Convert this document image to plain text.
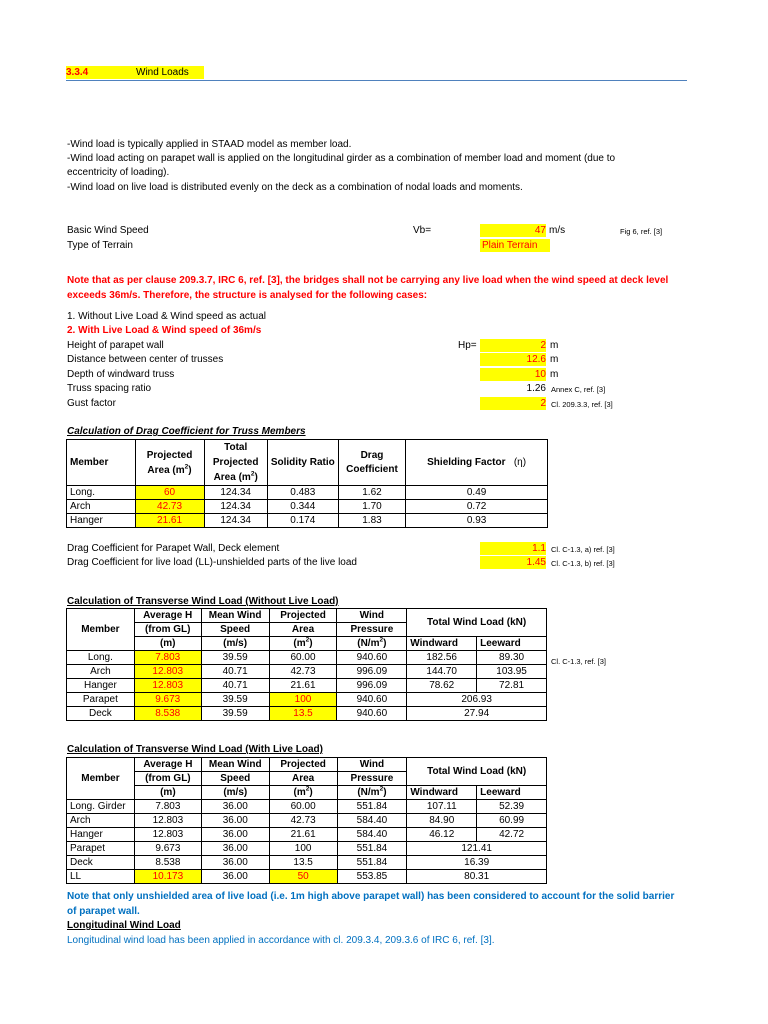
3.3.4	Wind Loads
-Wind load is typically applied in STAAD model as member load.
-Wind load acting on parapet wall is applied on the longitudinal girder as a combination of member load and moment (due to
eccentricity of loading).
-Wind load on live load is distributed evenly on the deck as a combination of nodal loads and moments.
Basic Wind Speed	Vb=	47 m/s	Fig 6, ref. [3]
Type of Terrain	Plain Terrain
Note that as per clause 209.3.7, IRC 6, ref. [3], the bridges shall not be carrying any live load when the wind speed at deck level
exceeds 36m/s. Therefore, the structure is analysed for the following cases:
1. Without Live Load & Wind speed as actual
2. With Live Load & Wind speed of 36m/s
Height of parapet wall	Hp=	2 m
Distance between center of trusses	12.6 m
Depth of windward truss	10 m
Truss spacing ratio	1.26 Annex C, ref. [3]
Gust factor	2 Cl. 209.3.3, ref. [3]
Calculation of Drag Coefficient for Truss Members
Member	Projected
Area $(m^2)$	Total
Projected
Area $(m^2)$	Solidity Ratio	Drag
Coefficient	Shielding Factor (η)
Long.	60	124.34	0.483	1.62	0.49
Arch	42.73	124.34	0.344	1.70	0.72
Hanger	21.61	124.34	0.174	1.83	0.93
Drag Coefficient for Parapet Wall, Deck element	1.1 Cl. C-1.3, a) ref. [3]
Drag Coefficient for live load (LL)-unshielded parts of the live load	1.45 Cl. C-1.3, b) ref. [3]
Calculation of Transverse Wind Load (Without Live Load)
Member	Average H	Mean Wind	Projected	Wind	Total Wind Load (kN)	
	(from GL)	Speed	Area	Pressure		
	(m)	(m/s)	$(m^2)$	$(N/m^2)$	Windward	Leeward
Long.	7.803	39.59	60.00	940.60	182.56	89.30
Arch	12.803	40.71	42.73	996.09	144.70	103.95
Hanger	12.803	40.71	21.61	996.09	78.62	72.81
Parapet	9.673	39.59	100	940.60	206.93	
Deck	8.538	39.59	13.5	940.60	27.94	
Cl. C-1.3, ref. [3]
Calculation of Transverse Wind Load (With Live Load)
Member	Average H	Mean Wind	Projected	Wind	Total Wind Load (kN)	
	(from GL)	Speed	Area	Pressure		
	(m)	(m/s)	$(m^2)$	$(N/m^2)$	Windward	Leeward
Long. Girder	7.803	36.00	60.00	551.84	107.11	52.39
Arch	12.803	36.00	42.73	584.40	84.90	60.99
Hanger	12.803	36.00	21.61	584.40	46.12	42.72
Parapet	9.673	36.00	100	551.84	121.41	
Deck	8.538	36.00	13.5	551.84	16.39	
LL	10.173	36.00	50	553.85	80.31	
Note that only unshielded area of live load (i.e. 1m high above parapet wall) has been considered to account for the solid barrier
of parapet wall.
Longitudinal Wind Load
Longitudinal wind load has been applied in accordance with cl. 209.3.4, 209.3.6 of IRC 6, ref. [3].
